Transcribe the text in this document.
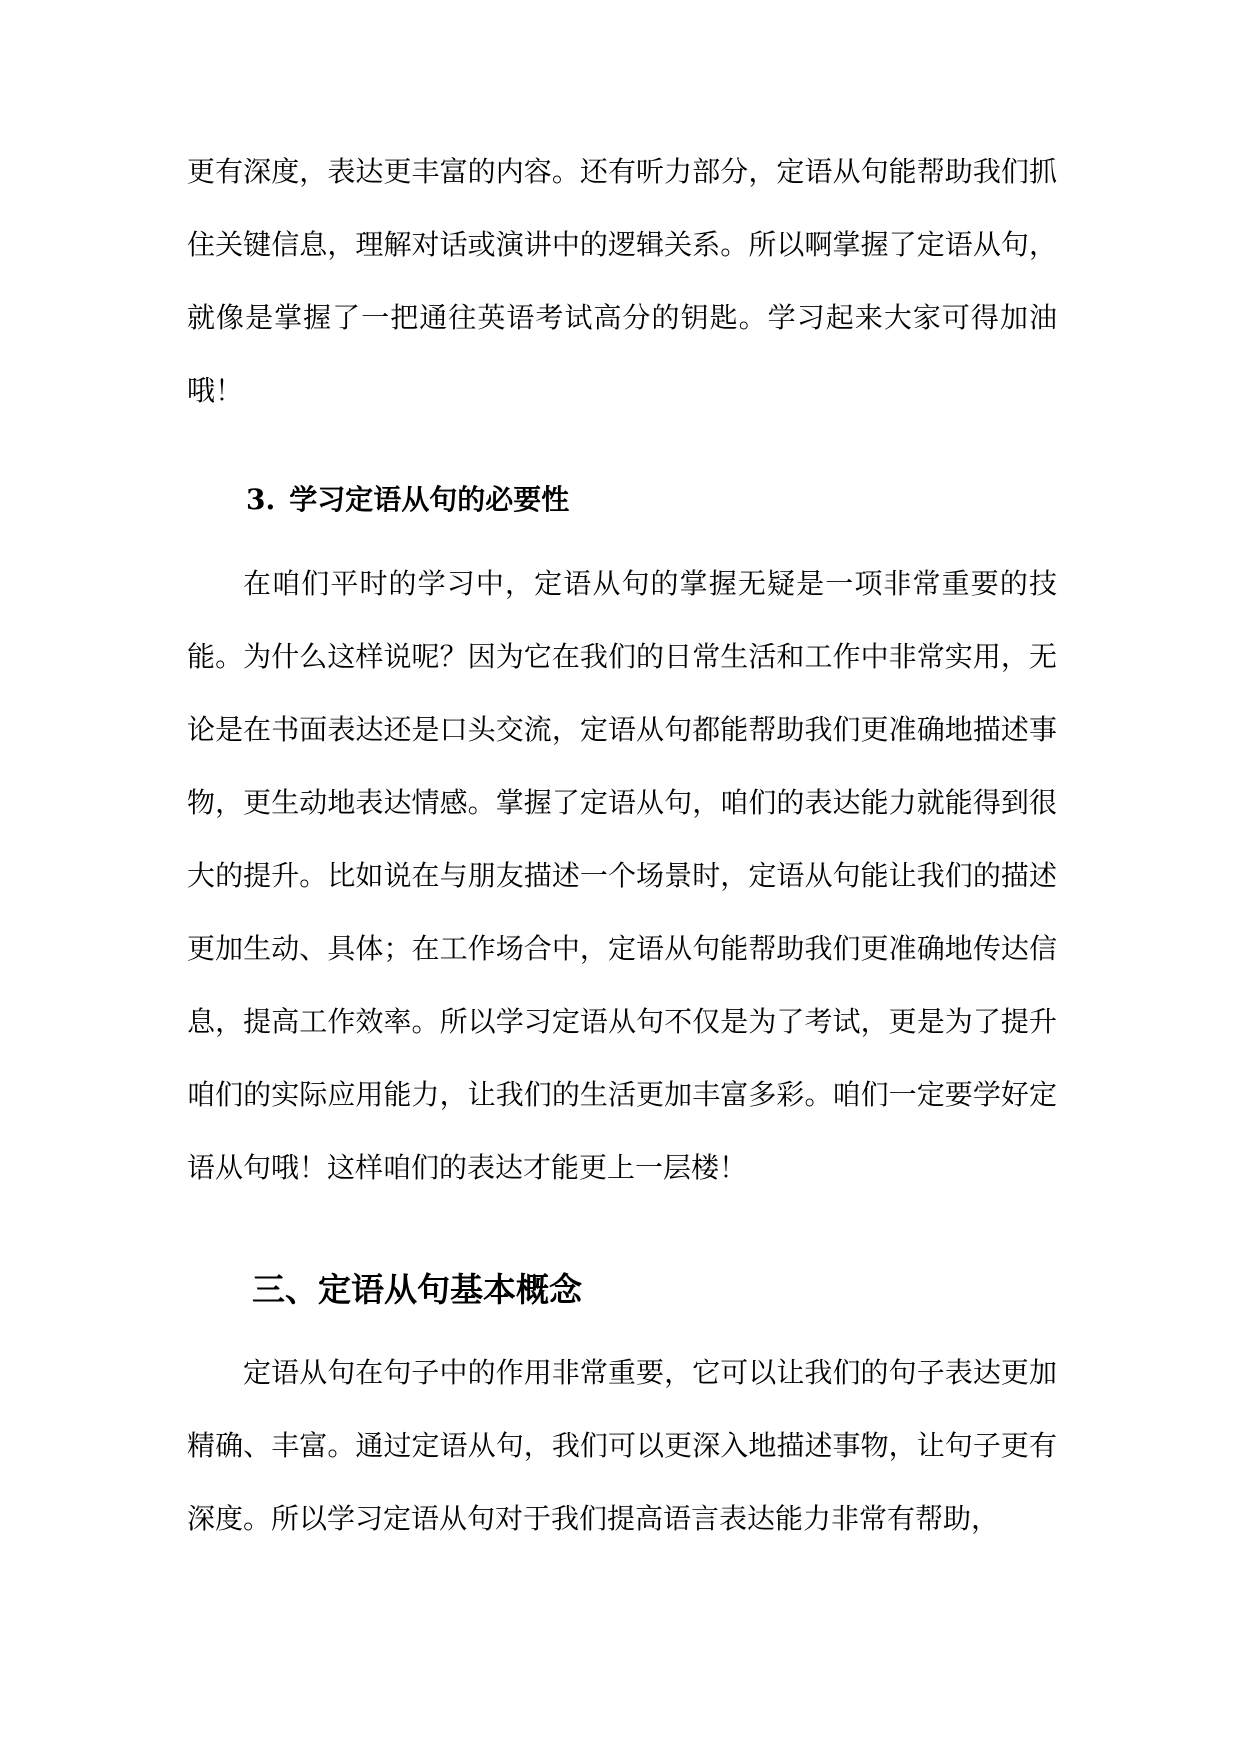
更有深度，表达更丰富的内容。还有听力部分，定语从句能帮助我们抓住关键信息，理解对话或演讲中的逻辑关系。所以啊掌握了定语从句，就像是掌握了一把通往英语考试高分的钥匙。学习起来大家可得加油哦！

3. 学习定语从句的必要性

在咱们平时的学习中，定语从句的掌握无疑是一项非常重要的技能。为什么这样说呢？因为它在我们的日常生活和工作中非常实用，无论是在书面表达还是口头交流，定语从句都能帮助我们更准确地描述事物，更生动地表达情感。掌握了定语从句，咱们的表达能力就能得到很大的提升。比如说在与朋友描述一个场景时，定语从句能让我们的描述更加生动、具体；在工作场合中，定语从句能帮助我们更准确地传达信息，提高工作效率。所以学习定语从句不仅是为了考试，更是为了提升咱们的实际应用能力，让我们的生活更加丰富多彩。咱们一定要学好定语从句哦！这样咱们的表达才能更上一层楼！

三、定语从句基本概念

定语从句在句子中的作用非常重要，它可以让我们的句子表达更加精确、丰富。通过定语从句，我们可以更深入地描述事物，让句子更有深度。所以学习定语从句对于我们提高语言表达能力非常有帮助，
